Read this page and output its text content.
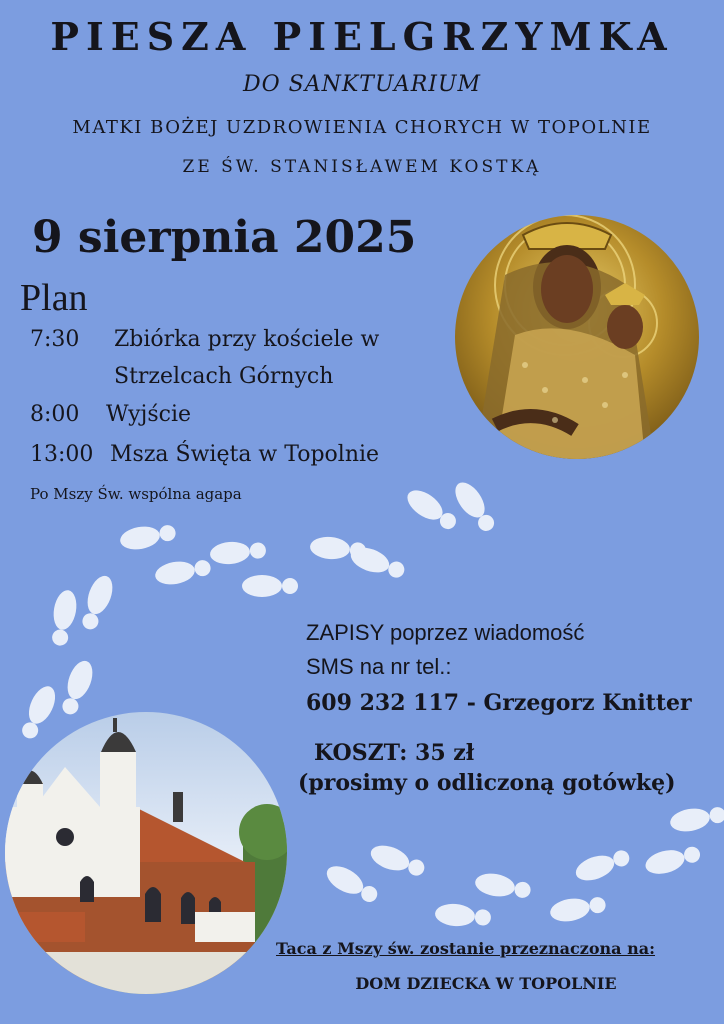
PIESZA PIELGRZYMKA
DO SANKTUARIUM
MATKI BOŻEJ UZDROWIENIA CHORYCH W TOPOLNIE
ZE ŚW. STANISŁAWEM KOSTKĄ
9 sierpnia 2025
Plan
7:30 Zbiórka przy kościele w
Strzelcach Górnych
8:00 Wyjście
13:00 Msza Święta w Topolnie
Po Mszy Św. wspólna agapa
ZAPISY poprzez wiadomość
SMS na nr tel.:
609 232 117 - Grzegorz Knitter
KOSZT: 35 zł
(prosimy o odliczoną gotówkę)
Taca z Mszy św. zostanie przeznaczona na:
DOM DZIECKA W TOPOLNIE
